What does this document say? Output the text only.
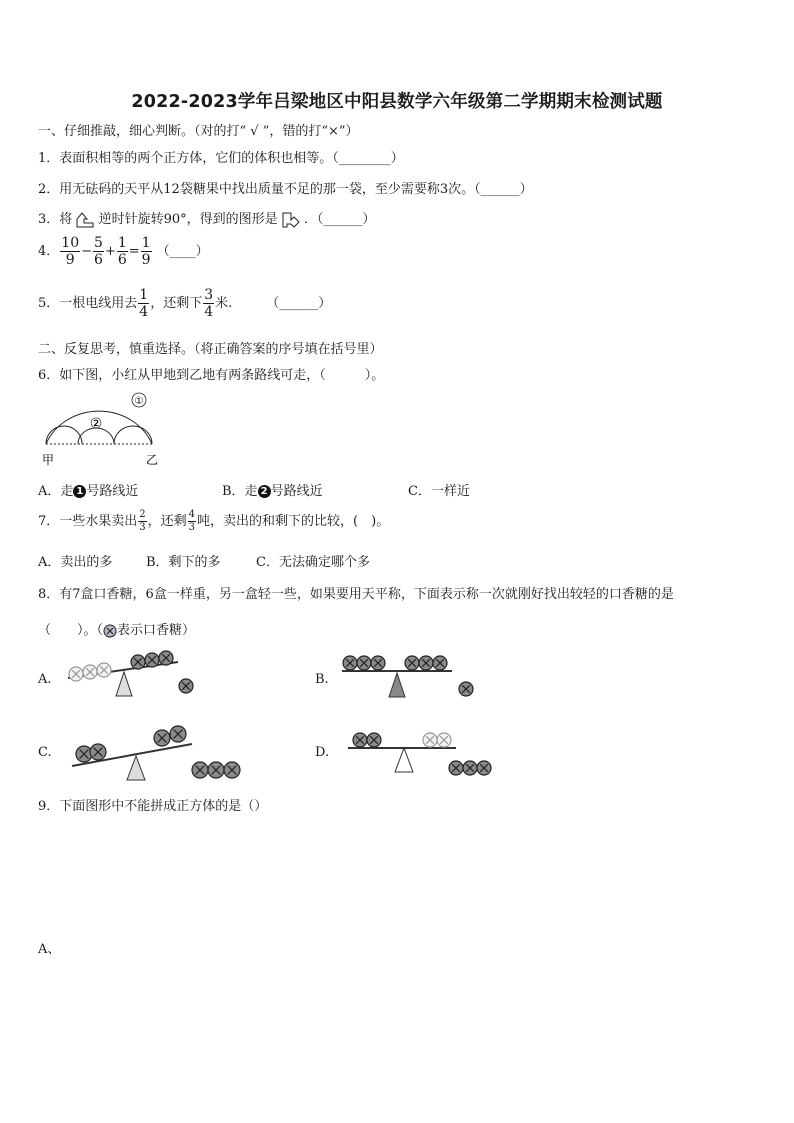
2022-2023学年吕梁地区中阳县数学六年级第二学期期末检测试题
一、仔细推敲，细心判断。（对的打“ √ ”，错的打“×”）
1．表面积相等的两个正方体，它们的体积也相等。（________）
2．用无砝码的天平从12袋糖果中找出质量不足的那一袋，至少需要称3次。（______）
3．将 逆时针旋转90°，得到的图形是 ．（______）
4． $\frac{10}{9} - \frac{5}{6} + \frac{1}{6} = \frac{1}{9}$ （____）
5．一根电线用去 $\frac{1}{4}$ ，还剩下 $\frac{3}{4}$ 米.	（______）
二、反复思考，慎重选择。（将正确答案的序号填在括号里）
6．如下图，小红从甲地到乙地有两条路线可走，（　　　）。
①
②
甲	乙
A．走 1 号路线近	B．走 2 号路线近	C．一样近
7．一些水果卖出 $\frac{2}{3}$ ，还剩 $\frac{4}{3}$ 吨，卖出的和剩下的比较，(　)。
A．卖出的多	B．剩下的多	C．无法确定哪个多
8．有7盒口香糖，6盒一样重，另一盒轻一些，如果要用天平称，下面表示称一次就刚好找出较轻的口香糖的是
（　　）。（ 表示口香糖）
A.	B.
C.	D.
9．下面图形中不能拼成正方体的是（）
A、
